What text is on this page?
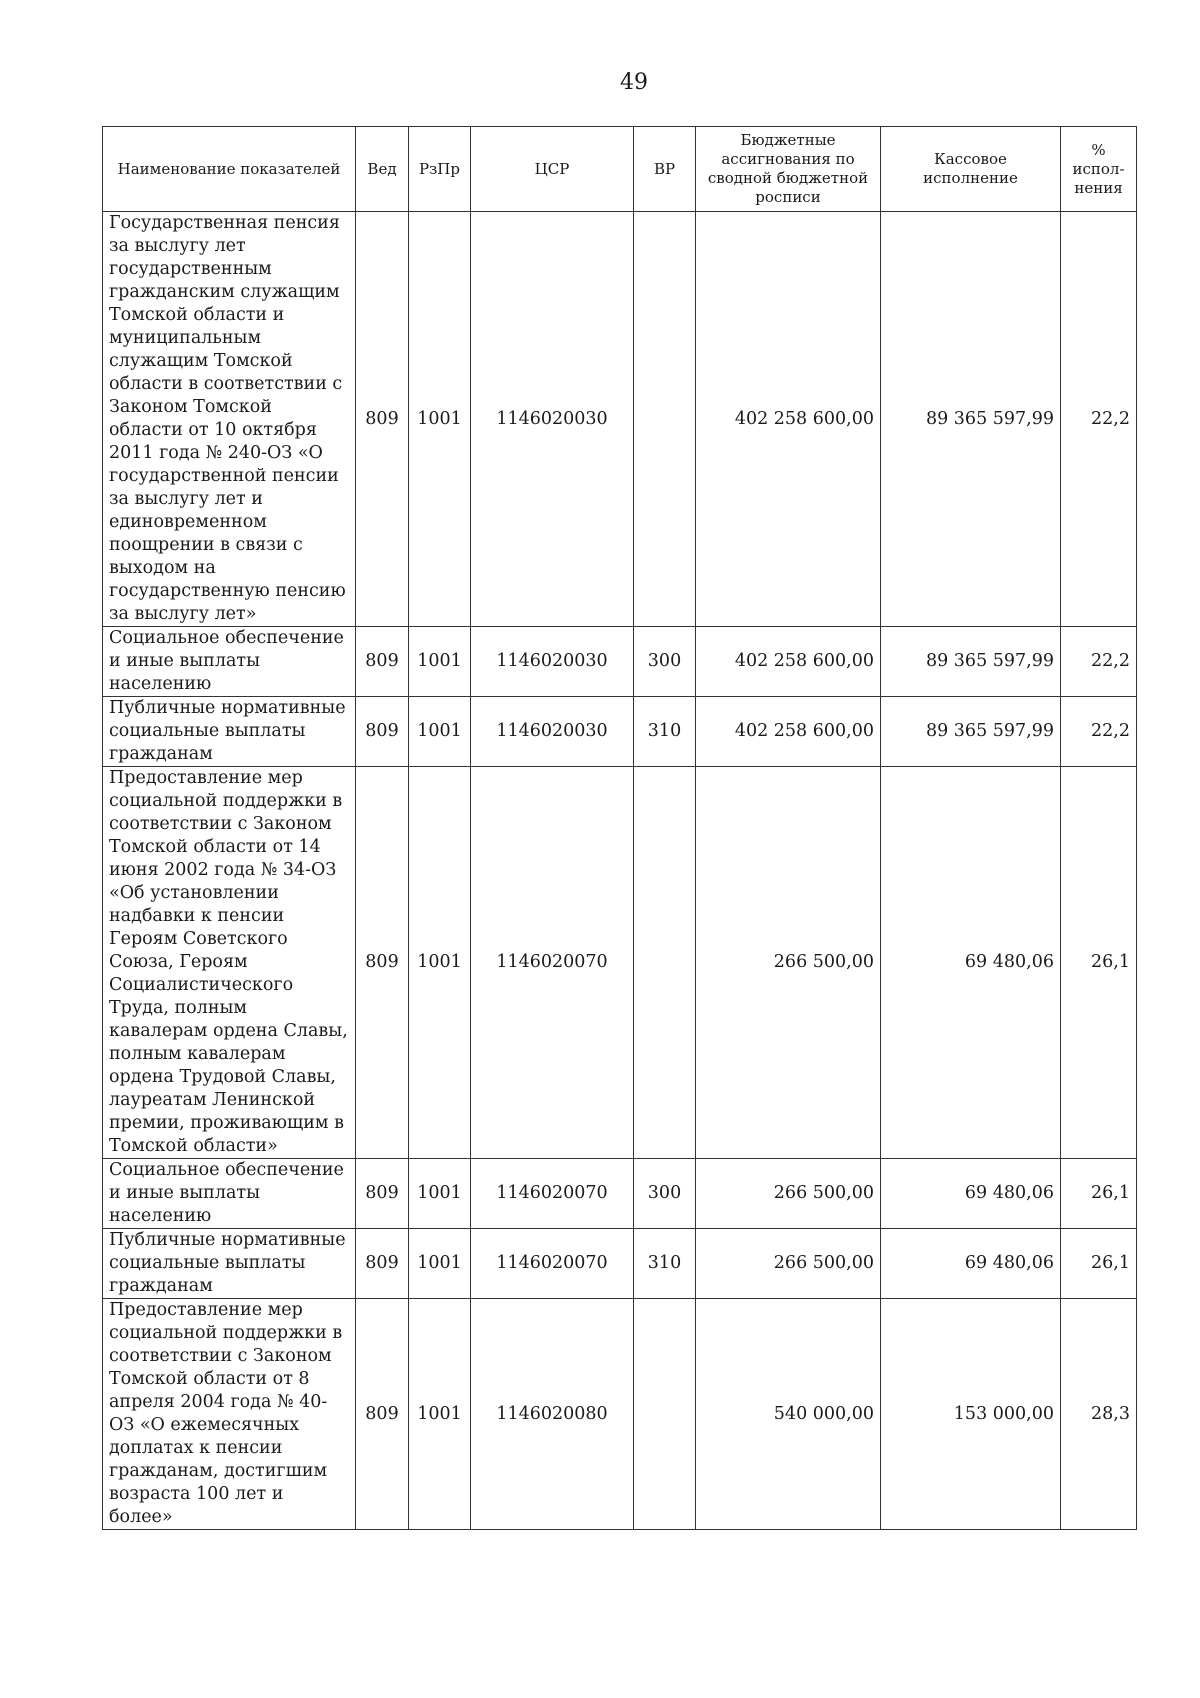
49
Наименование показателей	Вед	РзПр	ЦСР	ВР	Бюджетные ассигнования по сводной бюджетной росписи	Кассовое исполнение	% испол-нения
Государственная пенсия за выслугу лет государственным гражданским служащим Томской области и муниципальным служащим Томской области в соответствии с Законом Томской области от 10 октября 2011 года № 240-ОЗ «О государственной пенсии за выслугу лет и единовременном поощрении в связи с выходом на государственную пенсию за выслугу лет»	809	1001	1146020030		402 258 600,00	89 365 597,99	22,2
Социальное обеспечение и иные выплаты населению	809	1001	1146020030	300	402 258 600,00	89 365 597,99	22,2
Публичные нормативные социальные выплаты гражданам	809	1001	1146020030	310	402 258 600,00	89 365 597,99	22,2
Предоставление мер социальной поддержки в соответствии с Законом Томской области от 14 июня 2002 года № 34-ОЗ «Об установлении надбавки к пенсии Героям Советского Союза, Героям Социалистического Труда, полным кавалерам ордена Славы, полным кавалерам ордена Трудовой Славы, лауреатам Ленинской премии, проживающим в Томской области»	809	1001	1146020070		266 500,00	69 480,06	26,1
Социальное обеспечение и иные выплаты населению	809	1001	1146020070	300	266 500,00	69 480,06	26,1
Публичные нормативные социальные выплаты гражданам	809	1001	1146020070	310	266 500,00	69 480,06	26,1
Предоставление мер социальной поддержки в соответствии с Законом Томской области от 8 апреля 2004 года № 40-ОЗ «О ежемесячных доплатах к пенсии гражданам, достигшим возраста 100 лет и более»	809	1001	1146020080		540 000,00	153 000,00	28,3
